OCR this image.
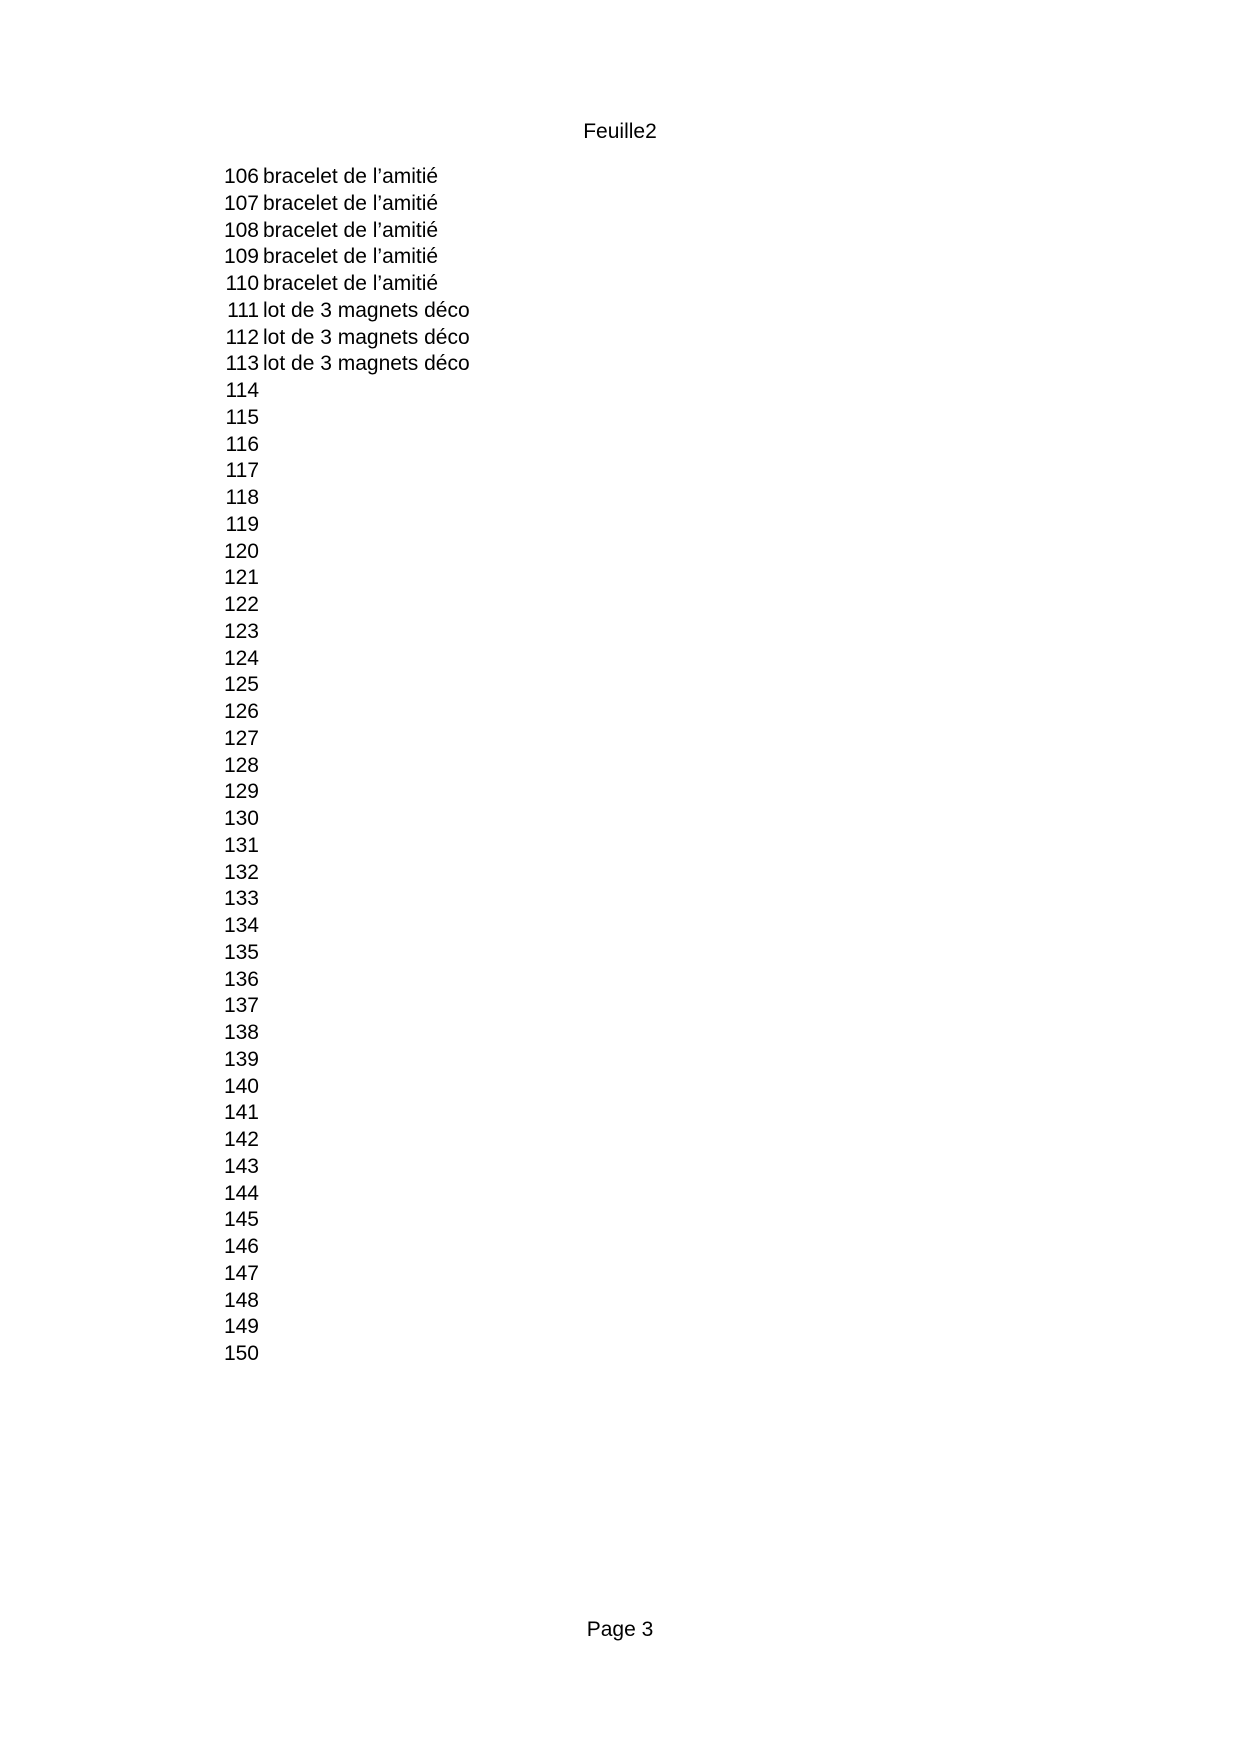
Feuille2
106 bracelet de l’amitié
107 bracelet de l’amitié
108 bracelet de l’amitié
109 bracelet de l’amitié
110 bracelet de l’amitié
111 lot de 3 magnets déco
112 lot de 3 magnets déco
113 lot de 3 magnets déco
114
115
116
117
118
119
120
121
122
123
124
125
126
127
128
129
130
131
132
133
134
135
136
137
138
139
140
141
142
143
144
145
146
147
148
149
150
Page 3
